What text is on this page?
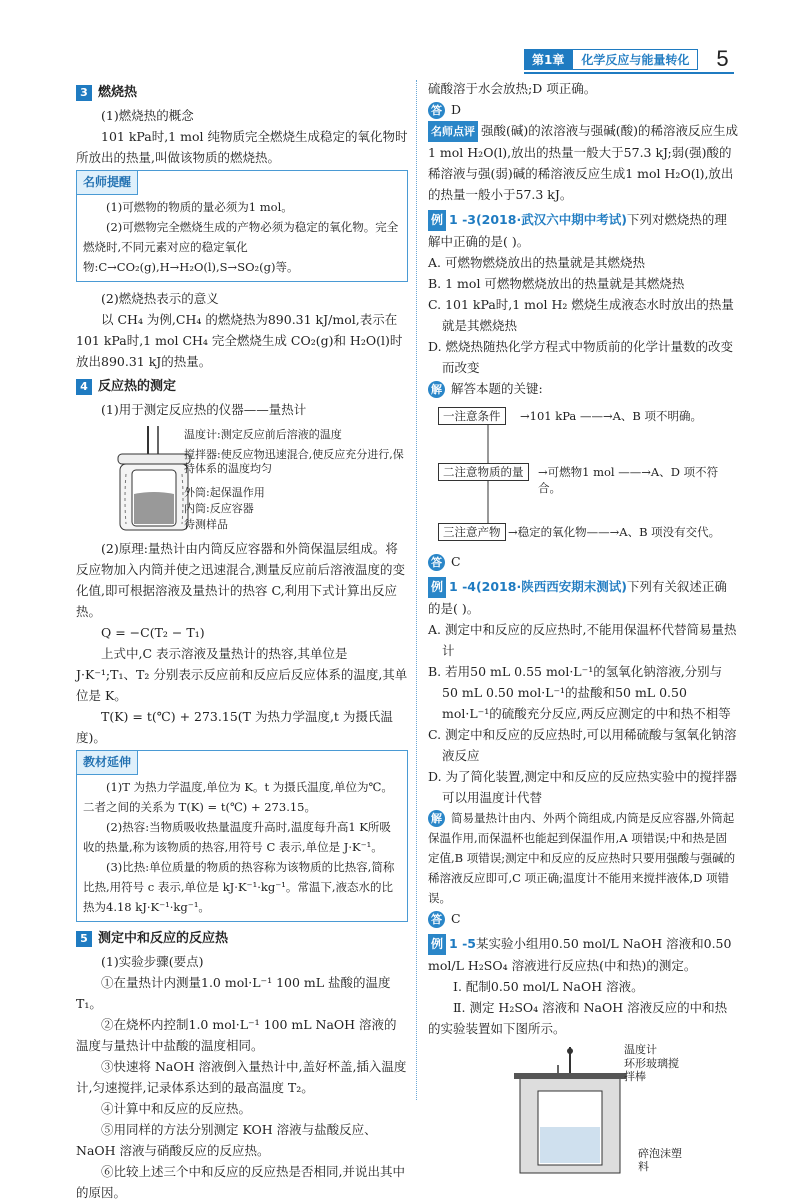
第1章	化学反应与能量转化	5
3 燃烧热

(1)燃烧热的概念

101 kPa时,1 mol 纯物质完全燃烧生成稳定的氧化物时所放出的热量,叫做该物质的燃烧热。

名师提醒

(1)可燃物的物质的量必须为1 mol。

(2)可燃物完全燃烧生成的产物必须为稳定的氧化物。完全燃烧时,不同元素对应的稳定氧化物:C→CO₂(g),H→H₂O(l),S→SO₂(g)等。

(2)燃烧热表示的意义

以 CH₄ 为例,CH₄ 的燃烧热为890.31 kJ/mol,表示在101 kPa时,1 mol CH₄ 完全燃烧生成 CO₂(g)和 H₂O(l)时放出890.31 kJ的热量。

4 反应热的测定

(1)用于测定反应热的仪器——量热计

温度计:测定反应前后溶液的温度
搅拌器:使反应物迅速混合,使反应充分进行,保持体系的温度均匀
外筒:起保温作用
内筒:反应容器
待测样品

(2)原理:量热计由内筒反应容器和外筒保温层组成。将反应物加入内筒并使之迅速混合,测量反应前后溶液温度的变化值,即可根据溶液及量热计的热容 C,利用下式计算出反应热。

Q = −C(T₂ − T₁)

上式中,C 表示溶液及量热计的热容,其单位是 J·K⁻¹;T₁、T₂ 分别表示反应前和反应后反应体系的温度,其单位是 K。

T(K) = t(℃) + 273.15(T 为热力学温度,t 为摄氏温度)。

教材延伸

(1)T 为热力学温度,单位为 K。t 为摄氏温度,单位为℃。二者之间的关系为 T(K) = t(℃) + 273.15。

(2)热容:当物质吸收热量温度升高时,温度每升高1 K所吸收的热量,称为该物质的热容,用符号 C 表示,单位是 J·K⁻¹。

(3)比热:单位质量的物质的热容称为该物质的比热容,简称比热,用符号 c 表示,单位是 kJ·K⁻¹·kg⁻¹。常温下,液态水的比热为4.18 kJ·K⁻¹·kg⁻¹。

5 测定中和反应的反应热

(1)实验步骤(要点)

①在量热计内测量1.0 mol·L⁻¹ 100 mL 盐酸的温度 T₁。

②在烧杯内控制1.0 mol·L⁻¹ 100 mL NaOH 溶液的温度与量热计中盐酸的温度相同。

③快速将 NaOH 溶液倒入量热计中,盖好杯盖,插入温度计,匀速搅拌,记录体系达到的最高温度 T₂。

④计算中和反应的反应热。

⑤用同样的方法分别测定 KOH 溶液与盐酸反应、NaOH 溶液与硝酸反应的反应热。

⑥比较上述三个中和反应的反应热是否相同,并说出其中的原因。

硫酸溶于水会放热;D 项正确。

答 D

名师点评 强酸(碱)的浓溶液与强碱(酸)的稀溶液反应生成1 mol H₂O(l),放出的热量一般大于57.3 kJ;弱(强)酸的稀溶液与强(弱)碱的稀溶液反应生成1 mol H₂O(l),放出的热量一般小于57.3 kJ。

例 1 -3(2018·武汉六中期中考试)下列对燃烧热的理解中正确的是( )。

A. 可燃物燃烧放出的热量就是其燃烧热

B. 1 mol 可燃物燃烧放出的热量就是其燃烧热

C. 101 kPa时,1 mol H₂ 燃烧生成液态水时放出的热量就是其燃烧热

D. 燃烧热随热化学方程式中物质前的化学计量数的改变而改变

解 解答本题的关键:

一注意条件	→101 kPa ——→A、B 项不明确。
二注意物质的量	→可燃物1 mol ——→A、D 项不符合。
三注意产物 →稳定的氧化物——→A、B 项没有交代。

答 C

例 1 -4(2018·陕西西安期末测试)下列有关叙述正确的是( )。

A. 测定中和反应的反应热时,不能用保温杯代替简易量热计

B. 若用50 mL 0.55 mol·L⁻¹的氢氧化钠溶液,分别与50 mL 0.50 mol·L⁻¹的盐酸和50 mL 0.50 mol·L⁻¹的硫酸充分反应,两反应测定的中和热不相等

C. 测定中和反应的反应热时,可以用稀硫酸与氢氧化钠溶液反应

D. 为了简化装置,测定中和反应的反应热实验中的搅拌器可以用温度计代替

解 简易量热计由内、外两个筒组成,内筒是反应容器,外筒起保温作用,而保温杯也能起到保温作用,A 项错误;中和热是固定值,B 项错误;测定中和反应的反应热时只要用强酸与强碱的稀溶液反应即可,C 项正确;温度计不能用来搅拌液体,D 项错误。

答 C

例 1 -5某实验小组用0.50 mol/L NaOH 溶液和0.50 mol/L H₂SO₄ 溶液进行反应热(中和热)的测定。

Ⅰ. 配制0.50 mol/L NaOH 溶液。

Ⅱ. 测定 H₂SO₄ 溶液和 NaOH 溶液反应的中和热的实验装置如下图所示。

温度计
环形玻璃搅拌棒
碎泡沫塑料
